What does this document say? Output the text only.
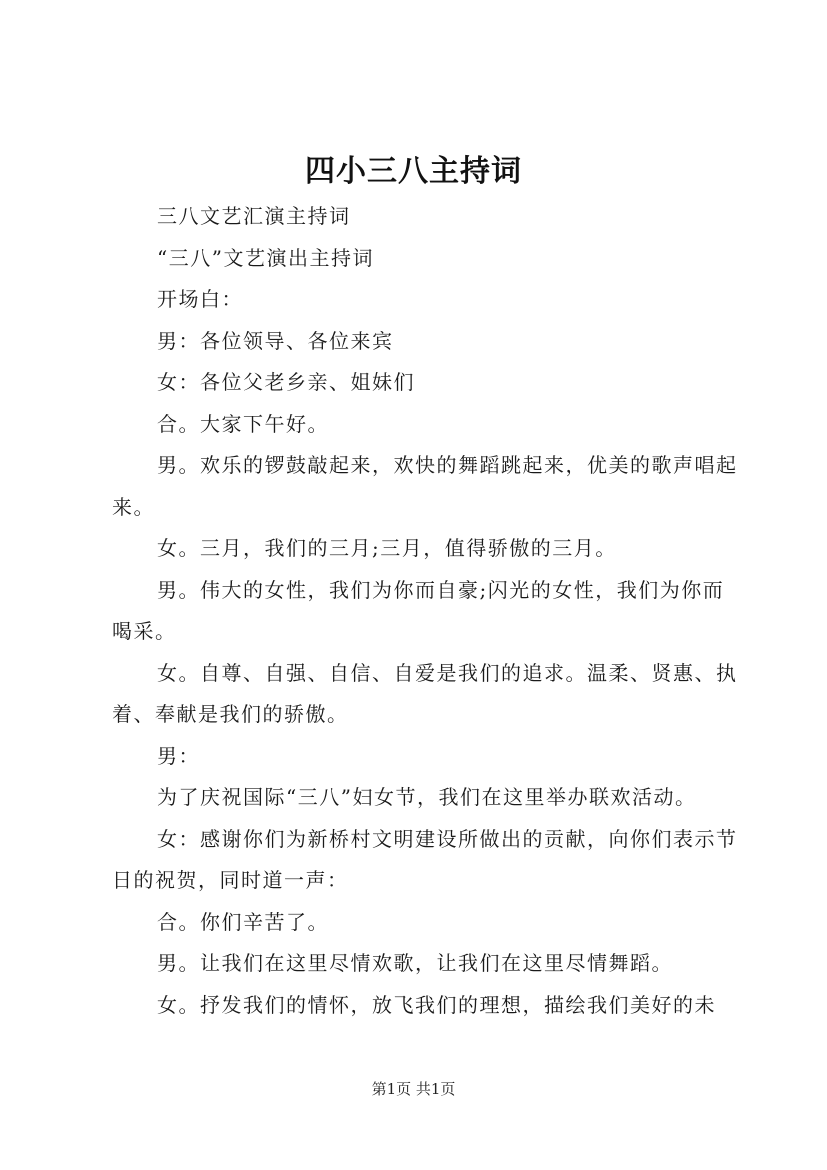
四小三八主持词

三八文艺汇演主持词

“三八”文艺演出主持词

开场白：

男：各位领导、各位来宾

女：各位父老乡亲、姐妹们

合。大家下午好。

男。欢乐的锣鼓敲起来，欢快的舞蹈跳起来，优美的歌声唱起来。

女。三月，我们的三月;三月，值得骄傲的三月。

男。伟大的女性，我们为你而自豪;闪光的女性，我们为你而喝采。

女。自尊、自强、自信、自爱是我们的追求。温柔、贤惠、执着、奉献是我们的骄傲。

男：

为了庆祝国际“三八”妇女节，我们在这里举办联欢活动。

女：感谢你们为新桥村文明建设所做出的贡献，向你们表示节日的祝贺，同时道一声：

合。你们辛苦了。

男。让我们在这里尽情欢歌，让我们在这里尽情舞蹈。

女。抒发我们的情怀，放飞我们的理想，描绘我们美好的未

第1页 共1页
